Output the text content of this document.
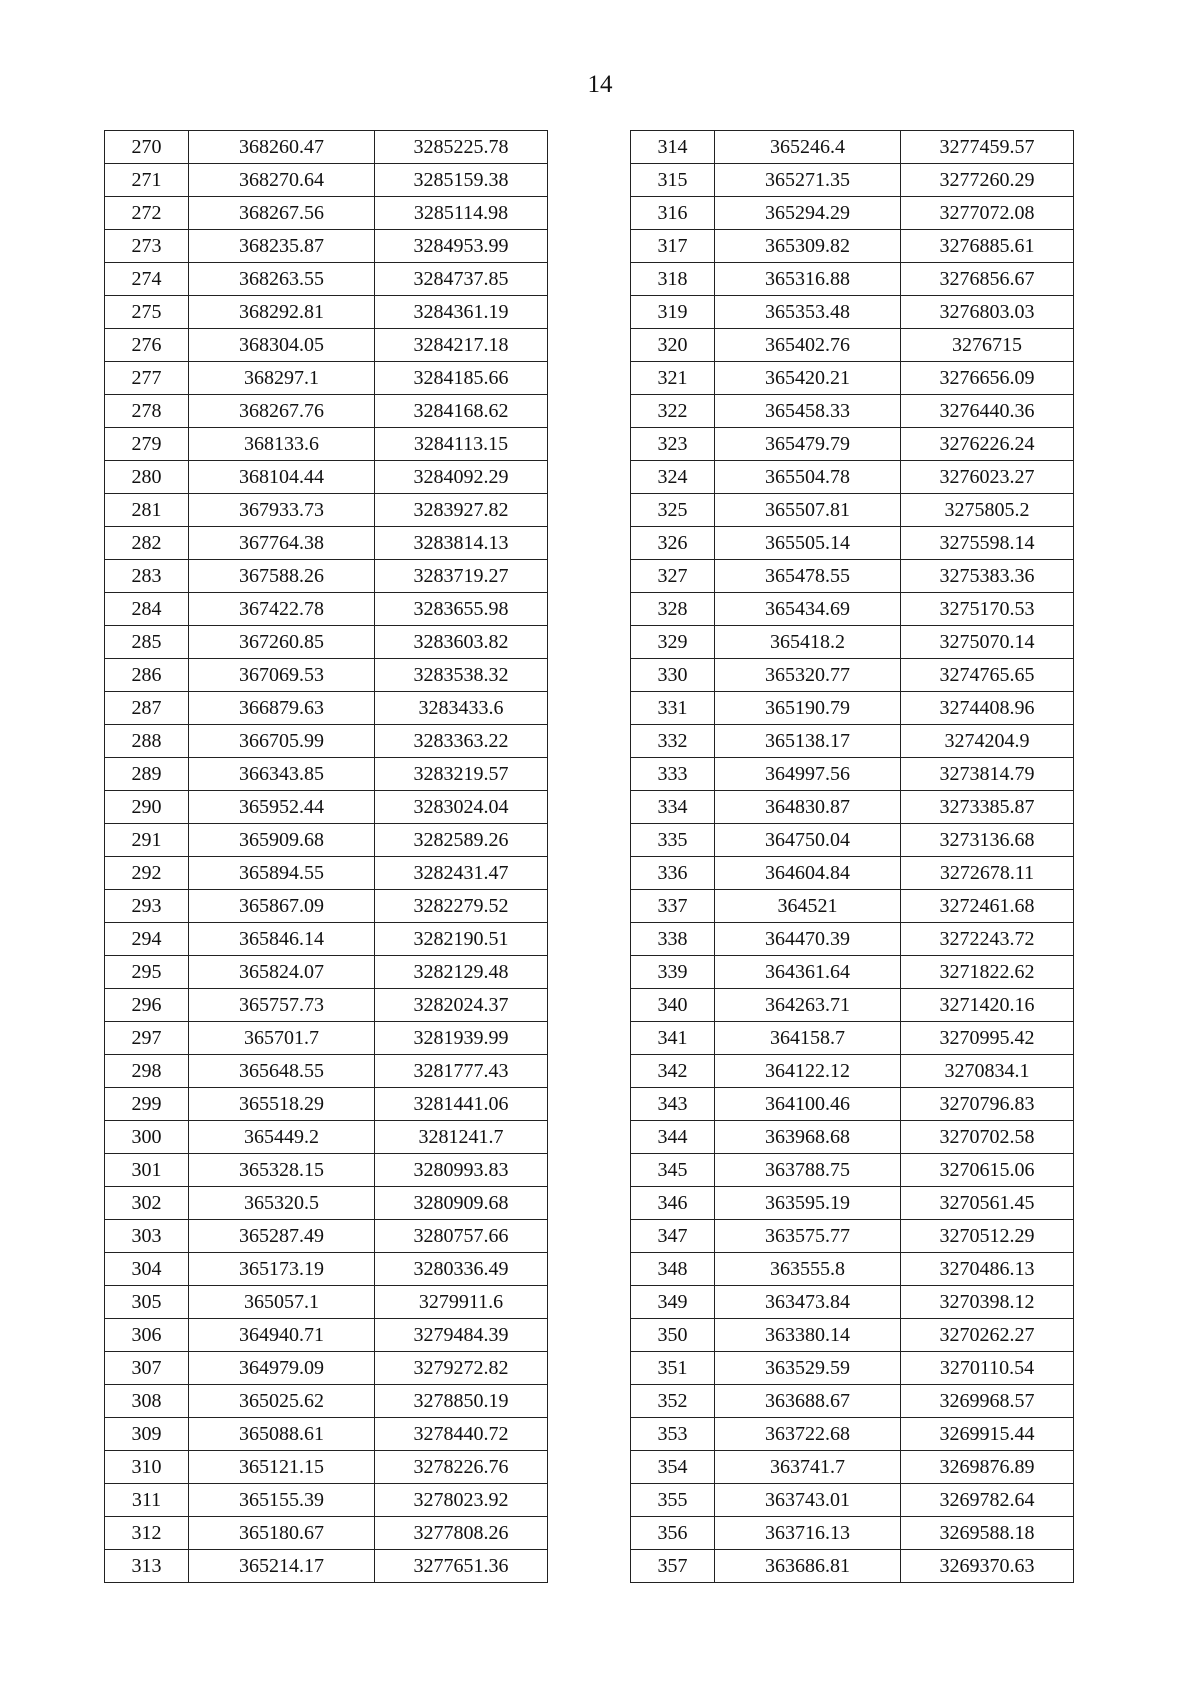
14
270	368260.47	3285225.78
271	368270.64	3285159.38
272	368267.56	3285114.98
273	368235.87	3284953.99
274	368263.55	3284737.85
275	368292.81	3284361.19
276	368304.05	3284217.18
277	368297.1	3284185.66
278	368267.76	3284168.62
279	368133.6	3284113.15
280	368104.44	3284092.29
281	367933.73	3283927.82
282	367764.38	3283814.13
283	367588.26	3283719.27
284	367422.78	3283655.98
285	367260.85	3283603.82
286	367069.53	3283538.32
287	366879.63	3283433.6
288	366705.99	3283363.22
289	366343.85	3283219.57
290	365952.44	3283024.04
291	365909.68	3282589.26
292	365894.55	3282431.47
293	365867.09	3282279.52
294	365846.14	3282190.51
295	365824.07	3282129.48
296	365757.73	3282024.37
297	365701.7	3281939.99
298	365648.55	3281777.43
299	365518.29	3281441.06
300	365449.2	3281241.7
301	365328.15	3280993.83
302	365320.5	3280909.68
303	365287.49	3280757.66
304	365173.19	3280336.49
305	365057.1	3279911.6
306	364940.71	3279484.39
307	364979.09	3279272.82
308	365025.62	3278850.19
309	365088.61	3278440.72
310	365121.15	3278226.76
311	365155.39	3278023.92
312	365180.67	3277808.26
313	365214.17	3277651.36
314	365246.4	3277459.57
315	365271.35	3277260.29
316	365294.29	3277072.08
317	365309.82	3276885.61
318	365316.88	3276856.67
319	365353.48	3276803.03
320	365402.76	3276715
321	365420.21	3276656.09
322	365458.33	3276440.36
323	365479.79	3276226.24
324	365504.78	3276023.27
325	365507.81	3275805.2
326	365505.14	3275598.14
327	365478.55	3275383.36
328	365434.69	3275170.53
329	365418.2	3275070.14
330	365320.77	3274765.65
331	365190.79	3274408.96
332	365138.17	3274204.9
333	364997.56	3273814.79
334	364830.87	3273385.87
335	364750.04	3273136.68
336	364604.84	3272678.11
337	364521	3272461.68
338	364470.39	3272243.72
339	364361.64	3271822.62
340	364263.71	3271420.16
341	364158.7	3270995.42
342	364122.12	3270834.1
343	364100.46	3270796.83
344	363968.68	3270702.58
345	363788.75	3270615.06
346	363595.19	3270561.45
347	363575.77	3270512.29
348	363555.8	3270486.13
349	363473.84	3270398.12
350	363380.14	3270262.27
351	363529.59	3270110.54
352	363688.67	3269968.57
353	363722.68	3269915.44
354	363741.7	3269876.89
355	363743.01	3269782.64
356	363716.13	3269588.18
357	363686.81	3269370.63
